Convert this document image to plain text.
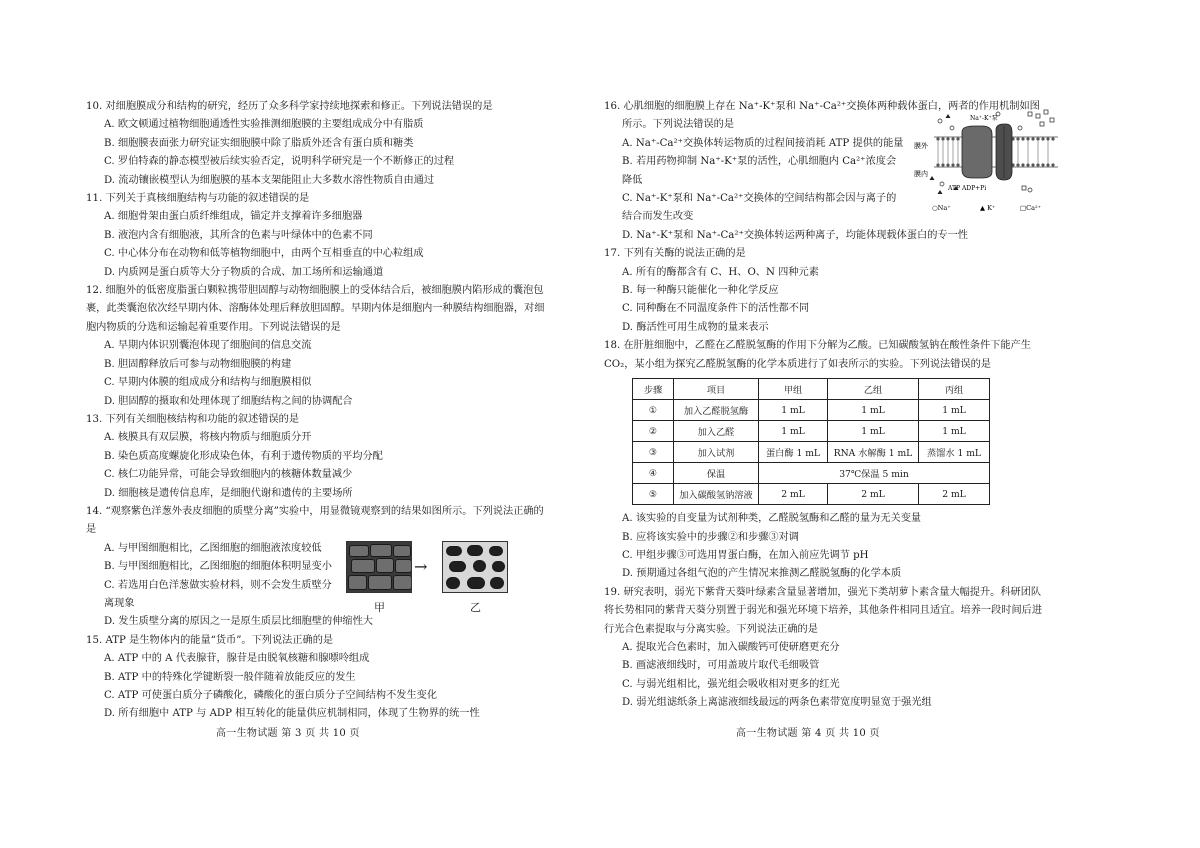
10. 对细胞膜成分和结构的研究，经历了众多科学家持续地探索和修正。下列说法错误的是

A. 欧文顿通过植物细胞通透性实验推测细胞膜的主要组成成分中有脂质

B. 细胞膜表面张力研究证实细胞膜中除了脂质外还含有蛋白质和糖类

C. 罗伯特森的静态模型被后续实验否定，说明科学研究是一个不断修正的过程

D. 流动镶嵌模型认为细胞膜的基本支架能阻止大多数水溶性物质自由通过

11. 下列关于真核细胞结构与功能的叙述错误的是

A. 细胞骨架由蛋白质纤维组成，锚定并支撑着许多细胞器

B. 液泡内含有细胞液，其所含的色素与叶绿体中的色素不同

C. 中心体分布在动物和低等植物细胞中，由两个互相垂直的中心粒组成

D. 内质网是蛋白质等大分子物质的合成、加工场所和运输通道

12. 细胞外的低密度脂蛋白颗粒携带胆固醇与动物细胞膜上的受体结合后，被细胞膜内陷形成的囊泡包裹，此类囊泡依次经早期内体、溶酶体处理后释放胆固醇。早期内体是细胞内一种膜结构细胞器，对细胞内物质的分选和运输起着重要作用。下列说法错误的是

A. 早期内体识别囊泡体现了细胞间的信息交流

B. 胆固醇释放后可参与动物细胞膜的构建

C. 早期内体膜的组成成分和结构与细胞膜相似

D. 胆固醇的摄取和处理体现了细胞结构之间的协调配合

13. 下列有关细胞核结构和功能的叙述错误的是

A. 核膜具有双层膜，将核内物质与细胞质分开

B. 染色质高度螺旋化形成染色体，有利于遗传物质的平均分配

C. 核仁功能异常，可能会导致细胞内的核糖体数量减少

D. 细胞核是遗传信息库，是细胞代谢和遗传的主要场所

14. “观察紫色洋葱外表皮细胞的质壁分离”实验中，用显微镜观察到的结果如图所示。下列说法正确的是

A. 与甲图细胞相比，乙图细胞的细胞液浓度较低

B. 与甲图细胞相比，乙图细胞的细胞体积明显变小

C. 若选用白色洋葱做实验材料，则不会发生质壁分离现象

D. 发生质壁分离的原因之一是原生质层比细胞壁的伸缩性大

→
甲	乙

15. ATP 是生物体内的能量“货币”。下列说法正确的是

A. ATP 中的 A 代表腺苷，腺苷是由脱氧核糖和腺嘌呤组成

B. ATP 中的特殊化学键断裂一般伴随着放能反应的发生

C. ATP 可使蛋白质分子磷酸化，磷酸化的蛋白质分子空间结构不发生变化

D. 所有细胞中 ATP 与 ADP 相互转化的能量供应机制相同，体现了生物界的统一性

高一生物试题 第 3 页 共 10 页

16. 心肌细胞的细胞膜上存在 Na⁺-K⁺泵和 Na⁺-Ca²⁺交换体两种载体蛋白，两者的作用机制如图

所示。下列说法错误的是

A. Na⁺-Ca²⁺交换体转运物质的过程间接消耗 ATP 提供的能量

B. 若用药物抑制 Na⁺-K⁺泵的活性，心肌细胞内 Ca²⁺浓度会降低

C. Na⁺-K⁺泵和 Na⁺-Ca²⁺交换体的空间结构都会因与离子的结合而发生改变

D. Na⁺-K⁺泵和 Na⁺-Ca²⁺交换体转运两种离子，均能体现载体蛋白的专一性

膜外
膜内
Na⁺-K⁺泵
ATP ADP+Pi
○Na⁺	▲ K⁺	□Ca²⁺

17. 下列有关酶的说法正确的是

A. 所有的酶都含有 C、H、O、N 四种元素

B. 每一种酶只能催化一种化学反应

C. 同种酶在不同温度条件下的活性都不同

D. 酶活性可用生成物的量来表示

18. 在肝脏细胞中，乙醛在乙醛脱氢酶的作用下分解为乙酸。已知碳酸氢钠在酸性条件下能产生 CO₂，某小组为探究乙醛脱氢酶的化学本质进行了如表所示的实验。下列说法错误的是

步骤	项目	甲组	乙组	丙组
①	加入乙醛脱氢酶	1 mL	1 mL	1 mL
②	加入乙醛	1 mL	1 mL	1 mL
③	加入试剂	蛋白酶 1 mL	RNA 水解酶 1 mL	蒸馏水 1 mL
④	保温	37℃保温 5 min		
⑤	加入碳酸氢钠溶液	2 mL	2 mL	2 mL

A. 该实验的自变量为试剂种类，乙醛脱氢酶和乙醛的量为无关变量

B. 应将该实验中的步骤②和步骤③对调

C. 甲组步骤③可选用胃蛋白酶，在加入前应先调节 pH

D. 预期通过各组气泡的产生情况来推测乙醛脱氢酶的化学本质

19. 研究表明，弱光下紫背天葵叶绿素含量显著增加，强光下类胡萝卜素含量大幅提升。科研团队将长势相同的紫背天葵分别置于弱光和强光环境下培养，其他条件相同且适宜。培养一段时间后进行光合色素提取与分离实验。下列说法正确的是

A. 提取光合色素时，加入碳酸钙可使研磨更充分

B. 画滤液细线时，可用盖玻片取代毛细吸管

C. 与弱光组相比，强光组会吸收相对更多的红光

D. 弱光组滤纸条上离滤液细线最远的两条色素带宽度明显宽于强光组

高一生物试题 第 4 页 共 10 页
